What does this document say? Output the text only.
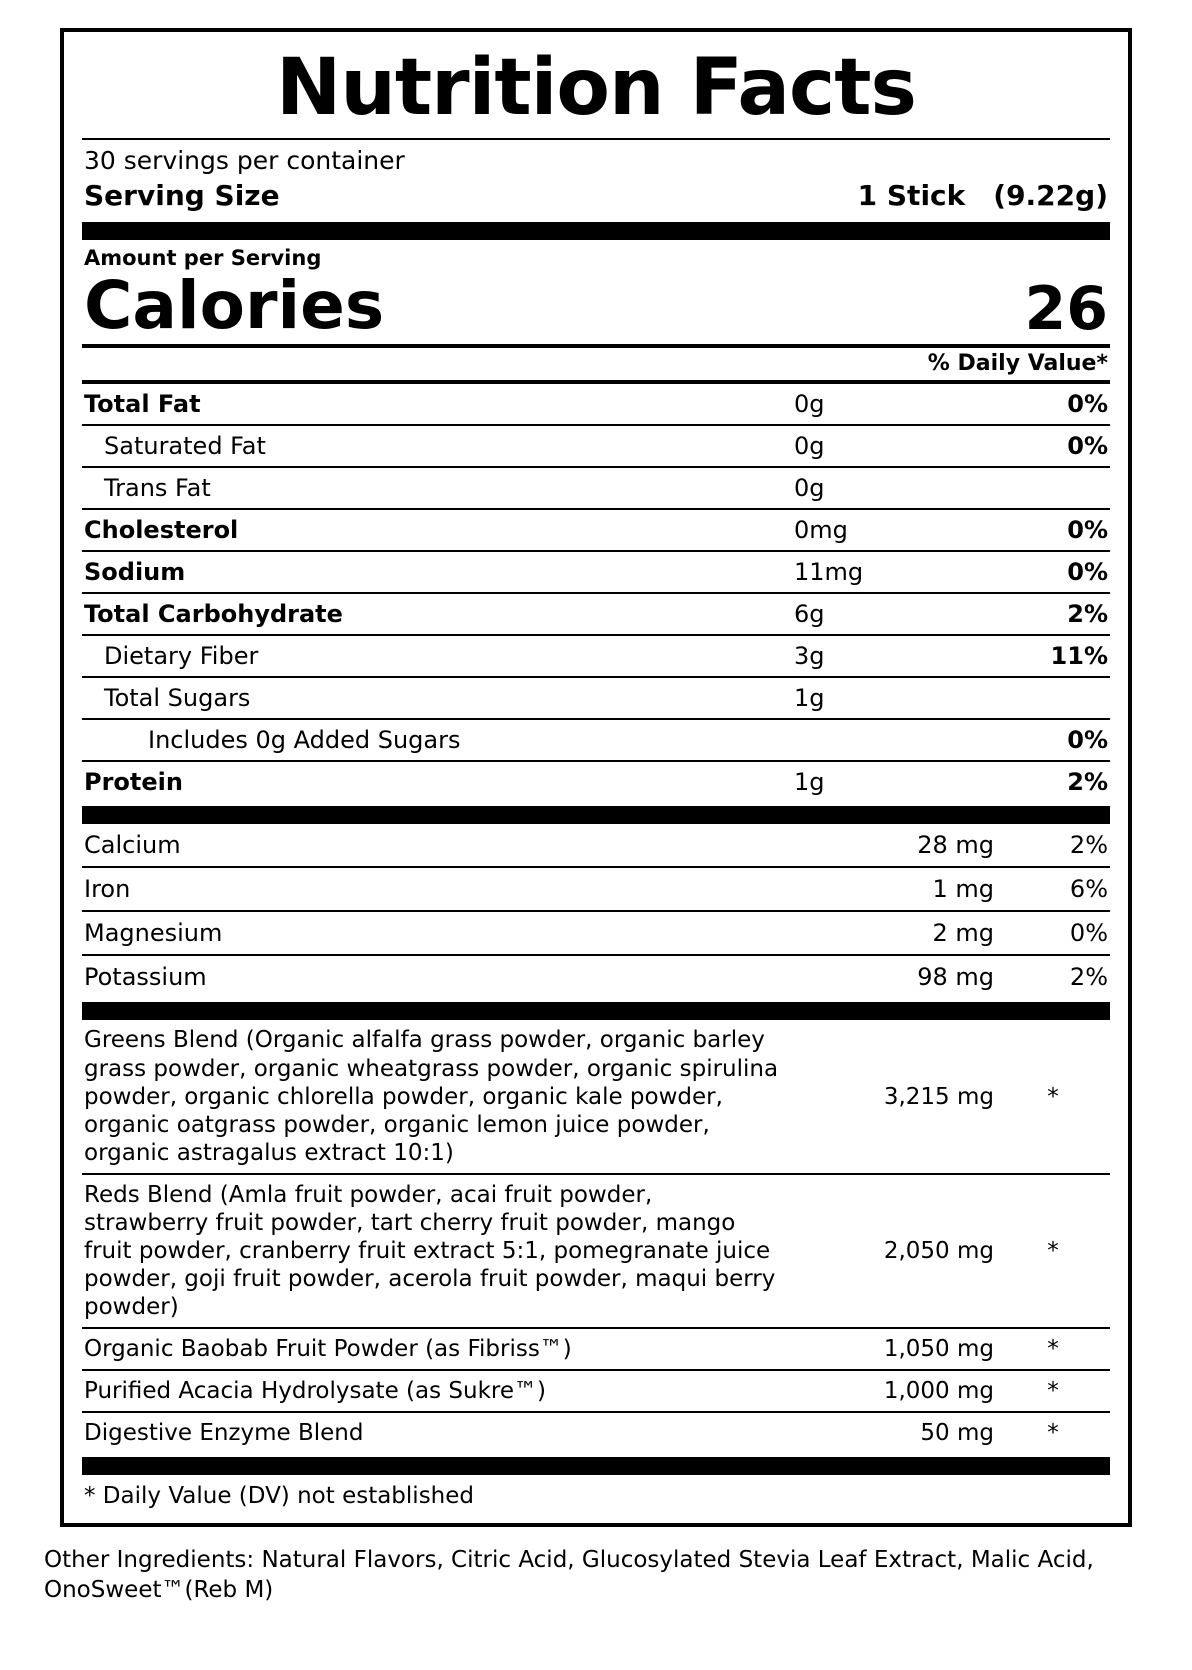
Nutrition Facts
30 servings per container
Serving Size	1 Stick (9.22g)
Amount per Serving
Calories	26
% Daily Value*
Total Fat	0g	0%
Saturated Fat	0g	0%
Trans Fat	0g	
Cholesterol	0mg	0%
Sodium	11mg	0%
Total Carbohydrate	6g	2%
Dietary Fiber	3g	11%
Total Sugars	1g	
Includes 0g Added Sugars		0%
Protein	1g	2%
Calcium	28 mg	2%
Iron	1 mg	6%
Magnesium	2 mg	0%
Potassium	98 mg	2%
Greens Blend (Organic alfalfa grass powder, organic barley grass powder, organic wheatgrass powder, organic spirulina powder, organic chlorella powder, organic kale powder, organic oatgrass powder, organic lemon juice powder, organic astragalus extract 10:1)	3,215 mg	*
Reds Blend (Amla fruit powder, acai fruit powder, strawberry fruit powder, tart cherry fruit powder, mango fruit powder, cranberry fruit extract 5:1, pomegranate juice powder, goji fruit powder, acerola fruit powder, maqui berry powder)	2,050 mg	*
Organic Baobab Fruit Powder (as Fibriss™)	1,050 mg	*
Purified Acacia Hydrolysate (as Sukre™)	1,000 mg	*
Digestive Enzyme Blend	50 mg	*
* Daily Value (DV) not established
Other Ingredients: Natural Flavors, Citric Acid, Glucosylated Stevia Leaf Extract, Malic Acid, OnoSweet™(Reb M)
